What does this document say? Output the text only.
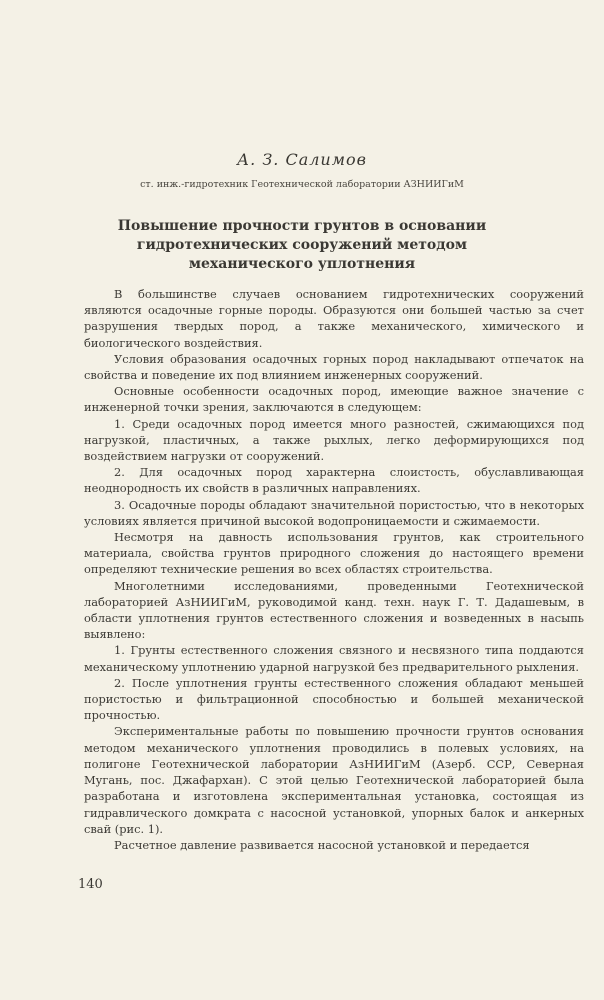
А. З. Салимов
ст. инж.-гидротехник Геотехнической лаборатории АЗНИИГиМ
Повышение прочности грунтов в основании
гидротехнических сооружений методом
механического уплотнения

В большинстве случаев основанием гидротехнических сооружений являются осадочные горные породы. Образуются они большей частью за счет разрушения твердых пород, а также механического, химического и биологического воздействия.

Условия образования осадочных горных пород накладывают отпечаток на свойства и поведение их под влиянием инженерных сооружений.

Основные особенности осадочных пород, имеющие важное значение с инженерной точки зрения, заключаются в следующем:

1. Среди осадочных пород имеется много разностей, сжимающихся под нагрузкой, пластичных, а также рыхлых, легко деформирующихся под воздействием нагрузки от сооружений.

2. Для осадочных пород характерна слоистость, обуславливающая неоднородность их свойств в различных направлениях.

3. Осадочные породы обладают значительной пористостью, что в некоторых условиях является причиной высокой водопроницаемости и сжимаемости.

Несмотря на давность использования грунтов, как строительного материала, свойства грунтов природного сложения до настоящего времени определяют технические решения во всех областях строительства.

Многолетними исследованиями, проведенными Геотехнической лабораторией АзНИИГиМ, руководимой канд. техн. наук Г. Т. Дадашевым, в области уплотнения грунтов естественного сложения и возведенных в насыпь выявлено:

1. Грунты естественного сложения связного и несвязного типа поддаются механическому уплотнению ударной нагрузкой без предварительного рыхления.

2. После уплотнения грунты естественного сложения обладают меньшей пористостью и фильтрационной способностью и большей механической прочностью.

Экспериментальные работы по повышению прочности грунтов основания методом механического уплотнения проводились в полевых условиях, на полигоне Геотехнической лаборатории АзНИИГиМ (Азерб. ССР, Северная Мугань, пос. Джафархан). С этой целью Геотехнической лабораторией была разработана и изготовлена экспериментальная установка, состоящая из гидравлического домкрата с насосной установкой, упорных балок и анкерных свай (рис. 1).

Расчетное давление развивается насосной установкой и передается

140
